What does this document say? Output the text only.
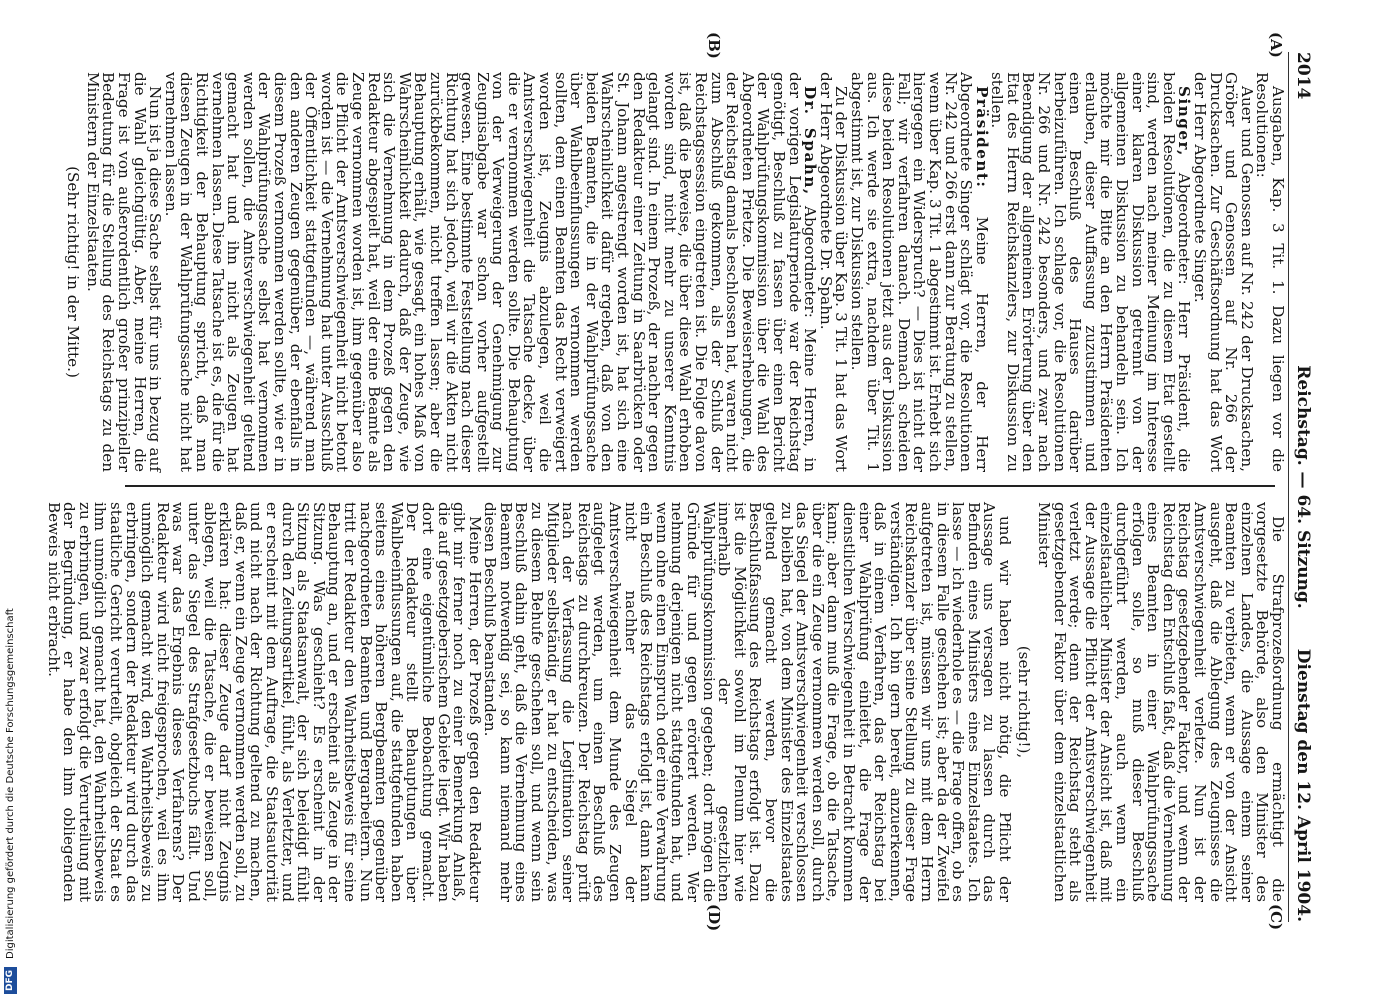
2014
Reichstag. — 64. Sitzung.
Dienstag den 12. April 1904.
(A)
(B)
(C)
(D)

Ausgaben, Kap. 3 Tit. 1. Dazu liegen vor die Resolutionen:

Auer und Genossen auf Nr. 242 der Drucksachen, Gröber und Genossen auf Nr. 266 der Drucksachen. Zur Geschäftsordnung hat das Wort der Herr Abgeordnete Singer.

Singer, Abgeordneter: Herr Präsident, die beiden Resolutionen, die zu diesem Etat gestellt sind, werden nach meiner Meinung im Interesse einer klaren Diskussion getrennt von der allgemeinen Diskussion zu behandeln sein. Ich möchte mir die Bitte an den Herrn Präsidenten erlauben, dieser Auffassung zuzustimmen und einen Beschluß des Hauses darüber herbeizuführen. Ich schlage vor, die Resolutionen Nr. 266 und Nr. 242 besonders, und zwar nach Beendigung der allgemeinen Erörterung über den Etat des Herrn Reichskanzlers, zur Diskussion zu stellen.

Präsident: Meine Herren, der Herr Abgeordnete Singer schlägt vor, die Resolutionen Nr. 242 und 266 erst dann zur Beratung zu stellen, wenn über Kap. 3 Tit. 1 abgestimmt ist. Erhebt sich hiergegen ein Widerspruch? — Dies ist nicht der Fall; wir verfahren danach. Demnach scheiden diese beiden Resolutionen jetzt aus der Diskussion aus. Ich werde sie extra, nachdem über Tit. 1 abgestimmt ist, zur Diskussion stellen.

Zu der Diskussion über Kap. 3 Tit. 1 hat das Wort der Herr Abgeordnete Dr. Spahn.

Dr. Spahn, Abgeordneter: Meine Herren, in der vorigen Legislaturperiode war der Reichstag genötigt, Beschluß zu fassen über einen Bericht der Wahlprüfungskommission über die Wahl des Abgeordneten Prietze. Die Beweiserhebungen, die der Reichstag damals beschlossen hat, waren nicht zum Abschluß gekommen, als der Schluß der Reichstagssession eingetreten ist. Die Folge davon ist, daß die Beweise, die über diese Wahl erhoben worden sind, nicht mehr zu unserer Kenntnis gelangt sind. In einem Prozeß, der nachher gegen den Redakteur einer Zeitung in Saarbrücken oder St. Johann angestrengt worden ist, hat sich eine Wahrscheinlichkeit dafür ergeben, daß von den beiden Beamten, die in der Wahlprüfungssache über Wahlbeeinflussungen vernommen werden sollten, dem einen Beamten das Recht verweigert worden ist, Zeugnis abzulegen, weil die Amtsverschwiegenheit die Tatsache decke, über die er vernommen werden sollte. Die Behauptung von der Verweigerung der Genehmigung zur Zeugnisabgabe war schon vorher aufgestellt gewesen. Eine bestimmte Feststellung nach dieser Richtung hat sich jedoch, weil wir die Akten nicht zurückbekommen, nicht treffen lassen; aber die Behauptung erhält, wie gesagt, ein hohes Maß von Wahrscheinlichkeit dadurch, daß der Zeuge, wie sich die Vernehmung in dem Prozeß gegen den Redakteur abgespielt hat, weil der eine Beamte als Zeuge vernommen worden ist, ihm gegenüber also die Pflicht der Amtsverschwiegenheit nicht betont worden ist — die Vernehmung hat unter Ausschluß der Öffentlichkeit stattgefunden —, während man den anderen Zeugen gegenüber, der ebenfalls in diesem Prozeß vernommen werden sollte, wie er in der Wahlprüfungssache selbst hat vernommen werden sollen, die Amtsverschwiegenheit geltend gemacht hat und ihn nicht als Zeugen hat vernehmen lassen. Diese Tatsache ist es, die für die Richtigkeit der Behauptung spricht, daß man diesen Zeugen in der Wahlprüfungssache nicht hat vernehmen lassen.

Nun ist ja diese Sache selbst für uns in bezug auf die Wahl gleichgültig. Aber, meine Herren, die Frage ist von außerordentlich großer prinzipieller Bedeutung für die Stellung des Reichstags zu den Ministern der Einzelstaaten.

(Sehr richtig! in der Mitte.)

Die Strafprozeßordnung ermächtigt die vorgesetzte Behörde, also den Minister des einzelnen Landes, die Aussage einem seiner Beamten zu verbieten, wenn er von der Ansicht ausgeht, daß die Ablegung des Zeugnisses die Amtsverschwiegenheit verletze. Nun ist der Reichstag gesetzgebender Faktor, und wenn der Reichstag den Entschluß faßt, daß die Vernehmung eines Beamten in einer Wahlprüfungssache erfolgen solle, so muß dieser Beschluß durchgeführt werden, auch wenn ein einzelstaatlicher Minister der Ansicht ist, daß mit der Aussage die Pflicht der Amtsverschwiegenheit verletzt werde; denn der Reichstag steht als gesetzgebender Faktor über dem einzelstaatlichen Minister

(sehr richtig!),

und wir haben nicht nötig, die Pflicht der Aussage uns versagen zu lassen durch das Befinden eines Ministers eines Einzelstaates. Ich lasse — ich wiederhole es — die Frage offen, ob es in diesem Falle geschehen ist; aber da der Zweifel aufgetreten ist, müssen wir uns mit dem Herrn Reichskanzler über seine Stellung zu dieser Frage verständigen. Ich bin gern bereit, anzuerkennen, daß in einem Verfahren, das der Reichstag bei einer Wahlprüfung einleitet, die Frage der dienstlichen Verschwiegenheit in Betracht kommen kann; aber dann muß die Frage, ob die Tatsache, über die ein Zeuge vernommen werden soll, durch das Siegel der Amtsverschwiegenheit verschlossen zu bleiben hat, von dem Minister des Einzelstaates geltend gemacht werden, bevor die Beschlußfassung des Reichstags erfolgt ist. Dazu ist die Möglichkeit sowohl im Plenum hier wie innerhalb der gesetzlichen Wahlprüfungskommission gegeben; dort mögen die Gründe für und gegen erörtert werden. Wer nehmung derjenigen nicht stattgefunden hat, und wenn ohne einen Einspruch oder eine Verwahrung ein Beschluß des Reichstags erfolgt ist, dann kann nicht nachher das Siegel der Amtsverschwiegenheit dem Munde des Zeugen aufgelegt werden, um einen Beschluß des Reichstags zu durchkreuzen. Der Reichstag prüft nach der Verfassung die Legitimation seiner Mitglieder selbständig, er hat zu entscheiden, was zu diesem Behufe geschehen soll, und wenn sein Beschluß dahin geht, daß die Vernehmung eines Beamten notwendig sei, so kann niemand mehr diesen Beschluß beanstanden.

Meine Herren, der Prozeß gegen den Redakteur gibt mir ferner noch zu einer Bemerkung Anlaß, die auf gesetzgeberischem Gebiete liegt. Wir haben dort eine eigentümliche Beobachtung gemacht. Der Redakteur stellt Behauptungen über Wahlbeeinflussungen auf, die stattgefunden haben seitens eines höheren Bergbeamten gegenüber nachgeordneten Beamten und Bergarbeitern. Nun tritt der Redakteur den Wahrheitsbeweis für seine Behauptung an, und er erscheint als Zeuge in der Sitzung. Was geschieht? Es erscheint in der Sitzung als Staatsanwalt, der sich beleidigt fühlt durch den Zeitungsartikel, fühlt, als Verletzter, und er erscheint mit dem Auftrage, die Staatsautorität und nicht nach der Richtung geltend zu machen, daß er, wenn ein Zeuge vernommen werden soll, zu erklären hat: dieser Zeuge darf nicht Zeugnis ablegen, weil die Tatsache, die er beweisen soll, unter das Siegel des Strafgesetzbuchs fällt. Und was war das Ergebnis dieses Verfahrens? Der Redakteur wird nicht freigesprochen, weil es ihm unmöglich gemacht wird, den Wahrheitsbeweis zu erbringen, sondern der Redakteur wird durch das staatliche Gericht verurteilt, obgleich der Staat es ihm unmöglich gemacht hat, den Wahrheitsbeweis zu erbringen, und zwar erfolgt die Verurteilung mit der Begründung, er habe den ihm obliegenden Beweis nicht erbracht.

DFGDigitalisierung gefördert durch die Deutsche Forschungsgemeinschaft
